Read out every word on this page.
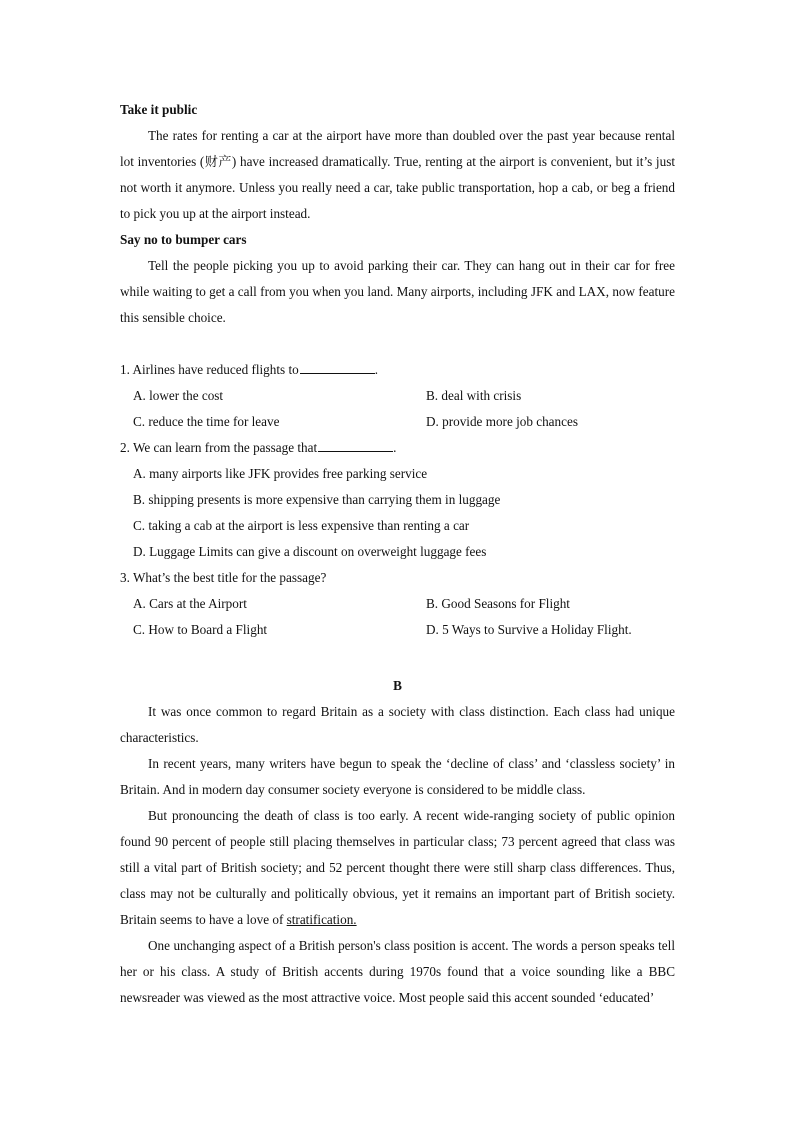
Take it public

The rates for renting a car at the airport have more than doubled over the past year because rental lot inventories (财产) have increased dramatically. True, renting at the airport is convenient, but it’s just not worth it anymore. Unless you really need a car, take public transportation, hop a cab, or beg a friend to pick you up at the airport instead.

Say no to bumper cars

Tell the people picking you up to avoid parking their car. They can hang out in their car for free while waiting to get a call from you when you land. Many airports, including JFK and LAX, now feature this sensible choice.

1. Airlines have reduced flights to	.

A. lower the cost	B. deal with crisis

C. reduce the time for leave	D. provide more job chances

2. We can learn from the passage that	.

A. many airports like JFK provides free parking service

B. shipping presents is more expensive than carrying them in luggage

C. taking a cab at the airport is less expensive than renting a car

D. Luggage Limits can give a discount on overweight luggage fees

3. What’s the best title for the passage?

A. Cars at the Airport	B. Good Seasons for Flight

C. How to Board a Flight	D. 5 Ways to Survive a Holiday Flight.

B

It was once common to regard Britain as a society with class distinction. Each class had unique characteristics.

In recent years, many writers have begun to speak the ‘decline of class’ and ‘classless society’ in Britain. And in modern day consumer society everyone is considered to be middle class.

But pronouncing the death of class is too early. A recent wide-ranging society of public opinion found 90 percent of people still placing themselves in particular class; 73 percent agreed that class was still a vital part of British society; and 52 percent thought there were still sharp class differences. Thus, class may not be culturally and politically obvious, yet it remains an important part of British society. Britain seems to have a love of stratification.

One unchanging aspect of a British person's class position is accent. The words a person speaks tell her or his class. A study of British accents during 1970s found that a voice sounding like a BBC newsreader was viewed as the most attractive voice. Most people said this accent sounded ‘educated’
